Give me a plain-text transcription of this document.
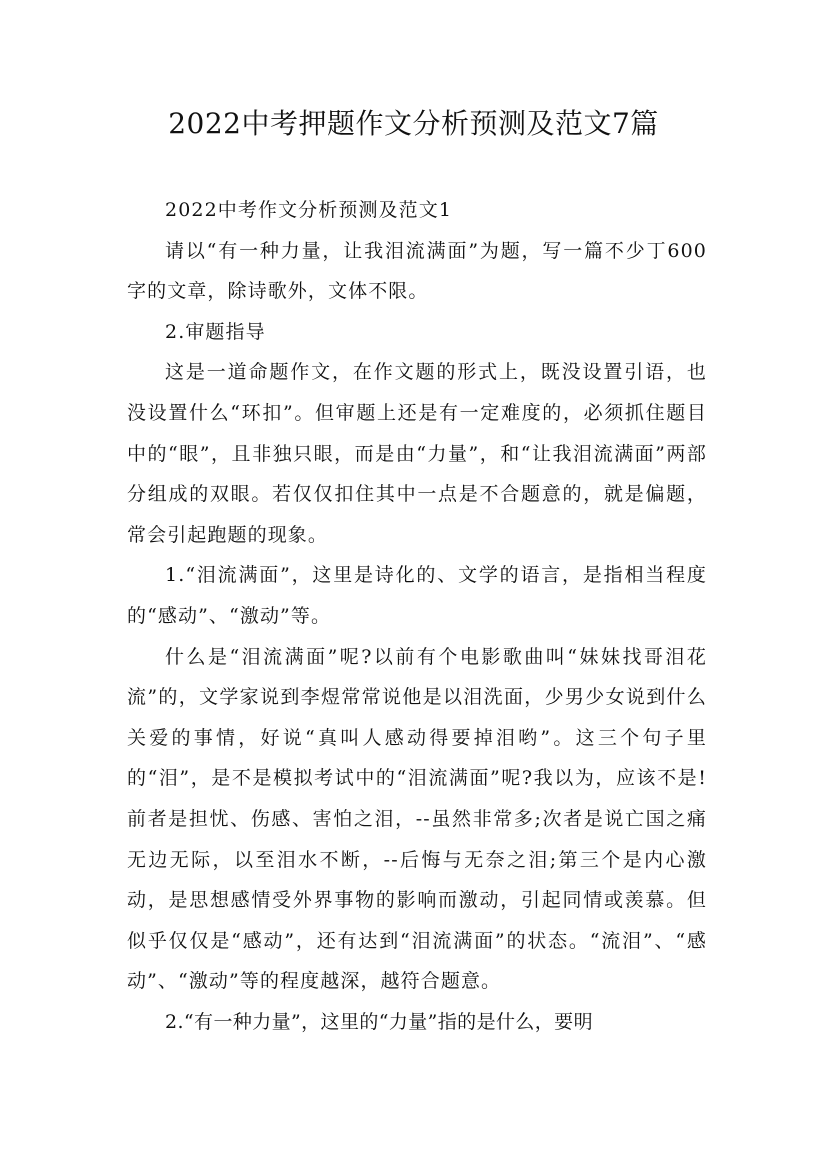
2022中考押题作文分析预测及范文7篇

2022中考作文分析预测及范文1

请以“有一种力量，让我泪流满面”为题，写一篇不少丁600字的文章，除诗歌外，文体不限。

2.审题指导

这是一道命题作文，在作文题的形式上，既没设置引语，也没设置什么“环扣”。但审题上还是有一定难度的，必须抓住题目中的“眼”，且非独只眼，而是由“力量”，和“让我泪流满面”两部分组成的双眼。若仅仅扣住其中一点是不合题意的，就是偏题，常会引起跑题的现象。

1.“泪流满面”，这里是诗化的、文学的语言，是指相当程度的“感动”、“激动”等。

什么是“泪流满面”呢?以前有个电影歌曲叫“妹妹找哥泪花流”的，文学家说到李煜常常说他是以泪洗面，少男少女说到什么关爱的事情，好说“真叫人感动得要掉泪哟”。这三个句子里的“泪”，是不是模拟考试中的“泪流满面”呢?我以为，应该不是!前者是担忧、伤感、害怕之泪，--虽然非常多;次者是说亡国之痛无边无际，以至泪水不断，--后悔与无奈之泪;第三个是内心激动，是思想感情受外界事物的影响而激动，引起同情或羡慕。但似乎仅仅是“感动”，还有达到“泪流满面”的状态。“流泪”、“感动”、“激动”等的程度越深，越符合题意。

2.“有一种力量”，这里的“力量”指的是什么，要明
